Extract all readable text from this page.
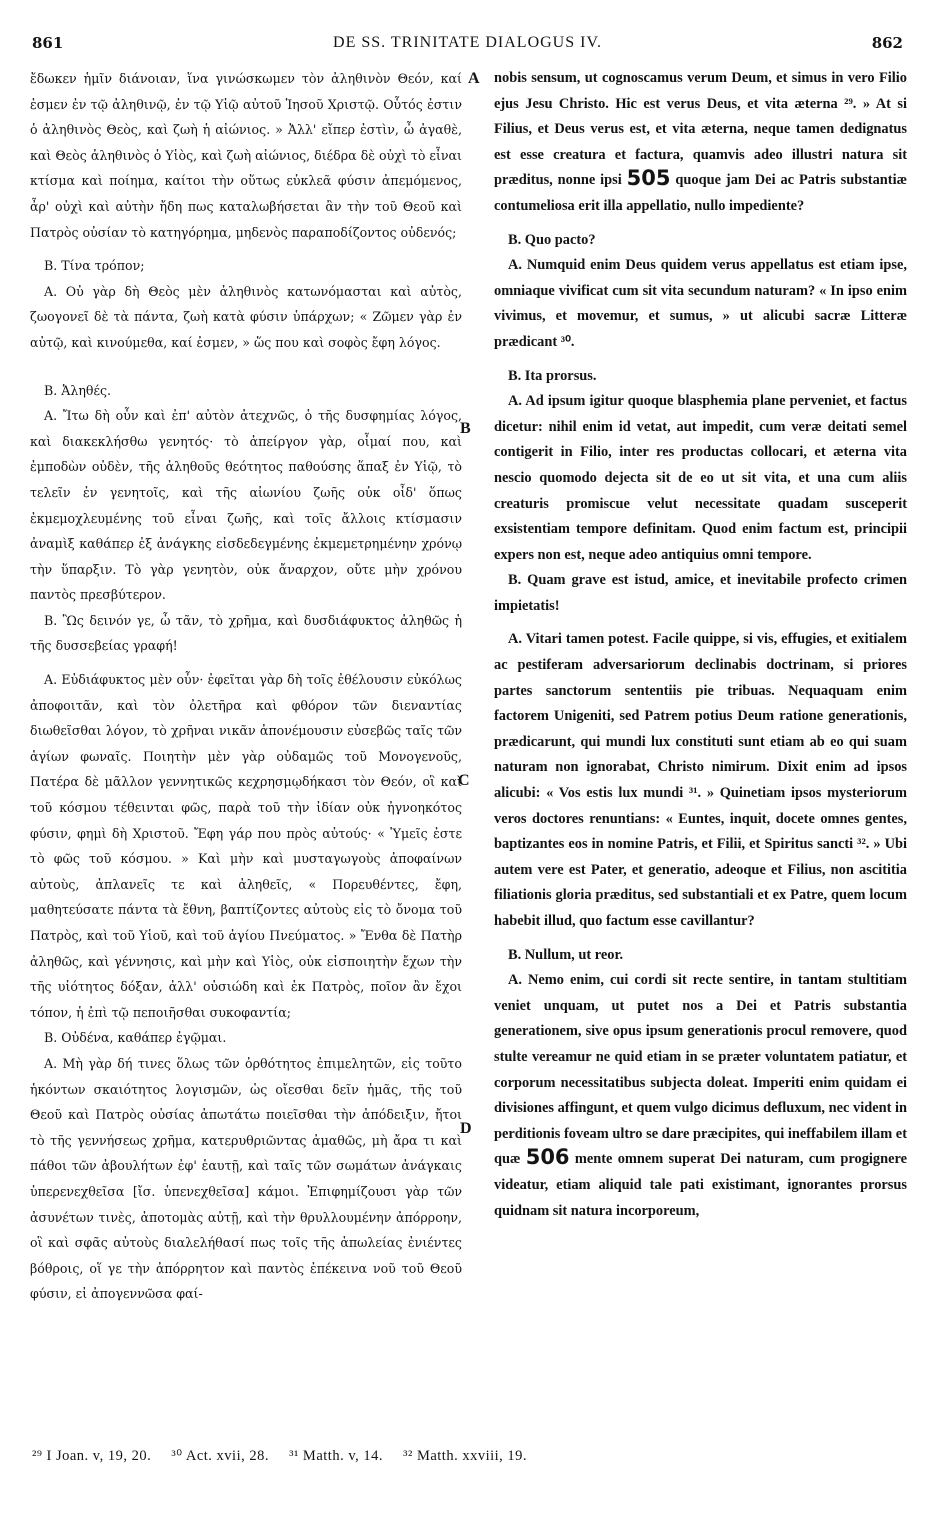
861	DE SS. TRINITATE DIALOGUS IV.	862

ἔδωκεν ἡμῖν διάνοιαν, ἵνα γινώσκωμεν τὸν ἀληθινὸν Θεόν, καί ἐσμεν ἐν τῷ ἀληθινῷ, ἐν τῷ Υἱῷ αὐτοῦ Ἰησοῦ Χριστῷ. Οὗτός ἐστιν ὁ ἀληθινὸς Θεὸς, καὶ ζωὴ ἡ αἰώνιος. » Ἀλλ' εἴπερ ἐστὶν, ὦ ἀγαθὲ, καὶ Θεὸς ἀληθινὸς ὁ Υἱὸς, καὶ ζωὴ αἰώνιος, διέδρα δὲ οὐχὶ τὸ εἶναι κτίσμα καὶ ποίημα, καίτοι τὴν οὕτως εὐκλεᾶ φύσιν ἀπεμόμενος, ἆρ' οὐχὶ καὶ αὐτὴν ἤδη πως καταλωβήσεται ἂν τὴν τοῦ Θεοῦ καὶ Πατρὸς οὐσίαν τὸ κατηγόρημα, μηδενὸς παραποδίζοντος οὐδενός;

Β. Τίνα τρόπον;

Α. Οὐ γὰρ δὴ Θεὸς μὲν ἀληθινὸς κατωνόμασται καὶ αὐτὸς, ζωογονεῖ δὲ τὰ πάντα, ζωὴ κατὰ φύσιν ὑπάρχων; « Ζῶμεν γὰρ ἐν αὐτῷ, καὶ κινούμεθα, καί ἐσμεν, » ὥς που καὶ σοφὸς ἔφη λόγος.

Β. Ἀληθές.

Α. Ἴτω δὴ οὖν καὶ ἐπ' αὐτὸν ἀτεχνῶς, ὁ τῆς δυσφημίας λόγος, καὶ διακεκλήσθω γενητός· τὸ ἀπείργον γὰρ, οἶμαί που, καὶ ἐμποδὼν οὐδὲν, τῆς ἀληθοῦς θεότητος παθούσης ἅπαξ ἐν Υἱῷ, τὸ τελεῖν ἐν γενητοῖς, καὶ τῆς αἰωνίου ζωῆς οὐκ οἶδ' ὅπως ἐκμεμοχλευμένης τοῦ εἶναι ζωῆς, καὶ τοῖς ἄλλοις κτίσμασιν ἀναμὶξ καθάπερ ἐξ ἀνάγκης εἰσδεδεγμένης ἐκμεμετρημένην χρόνῳ τὴν ὕπαρξιν. Τὸ γὰρ γενητὸν, οὐκ ἄναρχον, οὔτε μὴν χρόνου παντὸς πρεσβύτερον.

Β. Ὢς δεινόν γε, ὦ τᾶν, τὸ χρῆμα, καὶ δυσδιάφυκτος ἀληθῶς ἡ τῆς δυσσεβείας γραφή!

Α. Εὐδιάφυκτος μὲν οὖν· ἐφεῖται γὰρ δὴ τοῖς ἐθέλουσιν εὐκόλως ἀποφοιτᾶν, καὶ τὸν ὀλετῆρα καὶ φθόρον τῶν διεναντίας διωθεῖσθαι λόγον, τὸ χρῆναι νικᾶν ἀπονέμουσιν εὐσεβῶς ταῖς τῶν ἁγίων φωναῖς. Ποιητὴν μὲν γὰρ οὐδαμῶς τοῦ Μονογενοῦς, Πατέρα δὲ μᾶλλον γεννητικῶς κεχρησμῳδήκασι τὸν Θεόν, οἳ καὶ τοῦ κόσμου τέθεινται φῶς, παρὰ τοῦ τὴν ἰδίαν οὐκ ἠγνοηκότος φύσιν, φημὶ δὴ Χριστοῦ. Ἔφη γάρ που πρὸς αὐτούς· « Ὑμεῖς ἐστε τὸ φῶς τοῦ κόσμου. » Καὶ μὴν καὶ μυσταγωγοὺς ἀποφαίνων αὐτοὺς, ἀπλανεῖς τε καὶ ἀληθεῖς, « Πορευθέντες, ἔφη, μαθητεύσατε πάντα τὰ ἔθνη, βαπτίζοντες αὐτοὺς εἰς τὸ ὄνομα τοῦ Πατρὸς, καὶ τοῦ Υἱοῦ, καὶ τοῦ ἁγίου Πνεύματος. » Ἔνθα δὲ Πατὴρ ἀληθῶς, καὶ γέννησις, καὶ μὴν καὶ Υἱὸς, οὐκ εἰσποιητὴν ἔχων τὴν τῆς υἱότητος δόξαν, ἀλλ' οὐσιώδη καὶ ἐκ Πατρὸς, ποῖον ἂν ἔχοι τόπον, ἡ ἐπὶ τῷ πεποιῆσθαι συκοφαντία;

Β. Οὐδένα, καθάπερ ἐγῷμαι.

Α. Μὴ γὰρ δή τινες ὅλως τῶν ὀρθότητος ἐπιμελητῶν, εἰς τοῦτο ἡκόντων σκαιότητος λογισμῶν, ὡς οἴεσθαι δεῖν ἡμᾶς, τῆς τοῦ Θεοῦ καὶ Πατρὸς οὐσίας ἀπωτάτω ποιεῖσθαι τὴν ἀπόδειξιν, ἤτοι τὸ τῆς γεννήσεως χρῆμα, κατερυθριῶντας ἀμαθῶς, μὴ ἄρα τι καὶ πάθοι τῶν ἀβουλήτων ἐφ' ἑαυτῇ, καὶ ταῖς τῶν σωμάτων ἀνάγκαις ὑπερενεχθεῖσα [ἴσ. ὑπενεχθεῖσα] κάμοι. Ἐπιφημίζουσι γὰρ τῶν ἀσυνέτων τινὲς, ἀποτομὰς αὐτῇ, καὶ τὴν θρυλλουμένην ἀπόρροην, οἳ καὶ σφᾶς αὐτοὺς διαλελήθασί πως τοῖς τῆς ἀπωλείας ἐνιέντες βόθροις, οἵ γε τὴν ἀπόρρητον καὶ παντὸς ἐπέκεινα νοῦ τοῦ Θεοῦ φύσιν, εἰ ἀπογεννῶσα φαί-

nobis sensum, ut cognoscamus verum Deum, et simus in vero Filio ejus Jesu Christo. Hic est verus Deus, et vita æterna ²⁹. » At si Filius, et Deus verus est, et vita æterna, neque tamen dedignatus est esse creatura et factura, quamvis adeo illustri natura sit præditus, nonne ipsi 505 quoque jam Dei ac Patris substantiæ contumeliosa erit illa appellatio, nullo impediente?

B. Quo pacto?

A. Numquid enim Deus quidem verus appellatus est etiam ipse, omniaque vivificat cum sit vita secundum naturam? « In ipso enim vivimus, et movemur, et sumus, » ut alicubi sacræ Litteræ prædicant ³⁰.

B. Ita prorsus.

A. Ad ipsum igitur quoque blasphemia plane perveniet, et factus dicetur: nihil enim id vetat, aut impedit, cum veræ deitati semel contigerit in Filio, inter res productas collocari, et æterna vita nescio quomodo dejecta sit de eo ut sit vita, et una cum aliis creaturis promiscue velut necessitate quadam susceperit exsistentiam tempore definitam. Quod enim factum est, principii expers non est, neque adeo antiquius omni tempore.

B. Quam grave est istud, amice, et inevitabile profecto crimen impietatis!

A. Vitari tamen potest. Facile quippe, si vis, effugies, et exitialem ac pestiferam adversariorum declinabis doctrinam, si priores partes sanctorum sententiis pie tribuas. Nequaquam enim factorem Unigeniti, sed Patrem potius Deum ratione generationis, prædicarunt, qui mundi lux constituti sunt etiam ab eo qui suam naturam non ignorabat, Christo nimirum. Dixit enim ad ipsos alicubi: « Vos estis lux mundi ³¹. » Quinetiam ipsos mysteriorum veros doctores renuntians: « Euntes, inquit, docete omnes gentes, baptizantes eos in nomine Patris, et Filii, et Spiritus sancti ³². » Ubi autem vere est Pater, et generatio, adeoque et Filius, non ascititia filiationis gloria præditus, sed substantiali et ex Patre, quem locum habebit illud, quo factum esse cavillantur?

B. Nullum, ut reor.

A. Nemo enim, cui cordi sit recte sentire, in tantam stultitiam veniet unquam, ut putet nos a Dei et Patris substantia generationem, sive opus ipsum generationis procul removere, quod stulte vereamur ne quid etiam in se præter voluntatem patiatur, et corporum necessitatibus subjecta doleat. Imperiti enim quidam ei divisiones affingunt, et quem vulgo dicimus defluxum, nec vident in perditionis foveam ultro se dare præcipites, qui ineffabilem illam et quæ 506 mente omnem superat Dei naturam, cum progignere videatur, etiam aliquid tale pati existimant, ignorantes prorsus quidnam sit natura incorporeum,

A
B
C
D
²⁹ I Joan. v, 19, 20. ³⁰ Act. xvii, 28. ³¹ Matth. v, 14. ³² Matth. xxviii, 19.
